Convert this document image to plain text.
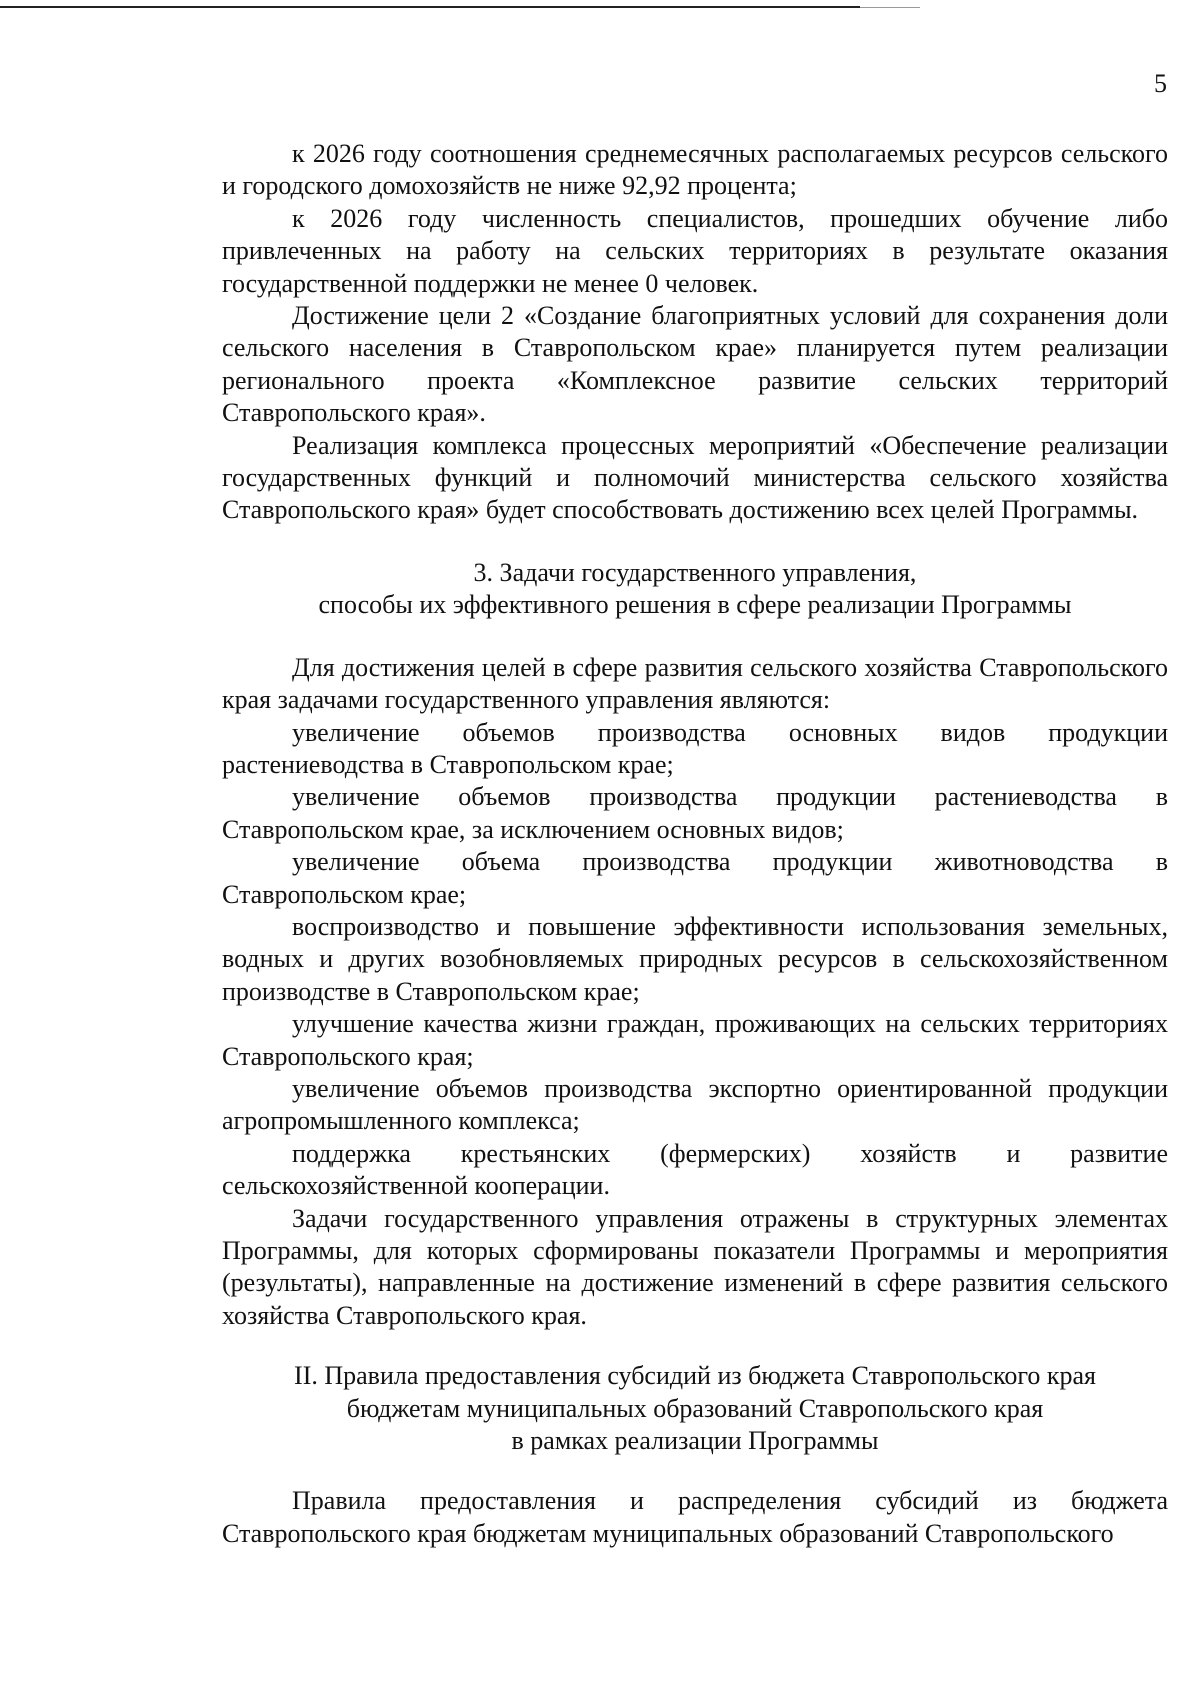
5

к 2026 году соотношения среднемесячных располагаемых ресурсов сельского и городского домохозяйств не ниже 92,92 процента;

к 2026 году численность специалистов, прошедших обучение либо привлеченных на работу на сельских территориях в результате оказания государственной поддержки не менее 0 человек.

Достижение цели 2 «Создание благоприятных условий для сохранения доли сельского населения в Ставропольском крае» планируется путем реализации регионального проекта «Комплексное развитие сельских территорий Ставропольского края».

Реализация комплекса процессных мероприятий «Обеспечение реализации государственных функций и полномочий министерства сельского хозяйства Ставропольского края» будет способствовать достижению всех целей Программы.

3. Задачи государственного управления,
способы их эффективного решения в сфере реализации Программы

Для достижения целей в сфере развития сельского хозяйства Ставропольского края задачами государственного управления являются:

увеличение объемов производства основных видов продукции растениеводства в Ставропольском крае;

увеличение объемов производства продукции растениеводства в Ставропольском крае, за исключением основных видов;

увеличение объема производства продукции животноводства в Ставропольском крае;

воспроизводство и повышение эффективности использования земельных, водных и других возобновляемых природных ресурсов в сельскохозяйственном производстве в Ставропольском крае;

улучшение качества жизни граждан, проживающих на сельских территориях Ставропольского края;

увеличение объемов производства экспортно ориентированной продукции агропромышленного комплекса;

поддержка крестьянских (фермерских) хозяйств и развитие сельскохозяйственной кооперации.

Задачи государственного управления отражены в структурных элементах Программы, для которых сформированы показатели Программы и мероприятия (результаты), направленные на достижение изменений в сфере развития сельского хозяйства Ставропольского края.

II. Правила предоставления субсидий из бюджета Ставропольского края
бюджетам муниципальных образований Ставропольского края
в рамках реализации Программы

Правила предоставления и распределения субсидий из бюджета Ставропольского края бюджетам муниципальных образований Ставропольского
